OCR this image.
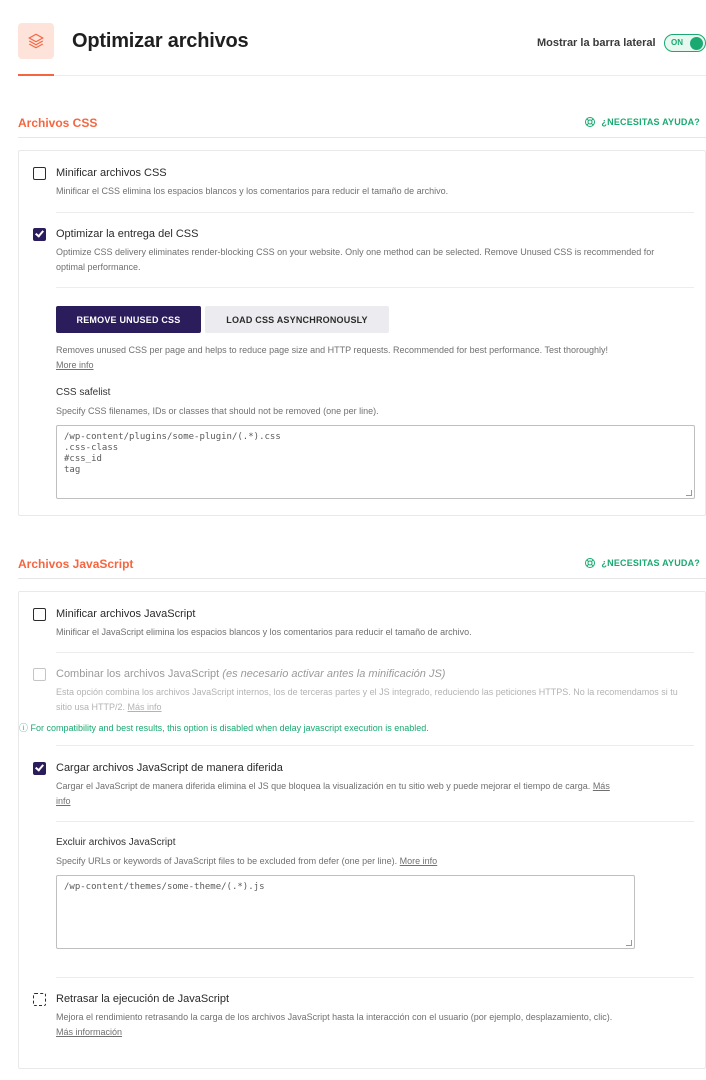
Optimizar archivos	Mostrar la barra lateral ON
Archivos CSS	¿NECESITAS AYUDA?
Minificar archivos CSS
Minificar el CSS elimina los espacios blancos y los comentarios para reducir el tamaño de archivo.
Optimizar la entrega del CSS
Optimize CSS delivery eliminates render-blocking CSS on your website. Only one method can be selected. Remove Unused CSS is recommended for optimal performance.
REMOVE UNUSED CSS	LOAD CSS ASYNCHRONOUSLY
Removes unused CSS per page and helps to reduce page size and HTTP requests. Recommended for best performance. Test thoroughly!
More info
CSS safelist
Specify CSS filenames, IDs or classes that should not be removed (one per line).
/wp-content/plugins/some-plugin/(.*).css
.css-class
#css_id
tag
Archivos JavaScript	¿NECESITAS AYUDA?
Minificar archivos JavaScript
Minificar el JavaScript elimina los espacios blancos y los comentarios para reducir el tamaño de archivo.
Combinar los archivos JavaScript (es necesario activar antes la minificación JS)
Esta opción combina los archivos JavaScript internos, los de terceras partes y el JS integrado, reduciendo las peticiones HTTPS. No la recomendamos si tu sitio usa HTTP/2. Más info
ⓘ For compatibility and best results, this option is disabled when delay javascript execution is enabled.
Cargar archivos JavaScript de manera diferida
Cargar el JavaScript de manera diferida elimina el JS que bloquea la visualización en tu sitio web y puede mejorar el tiempo de carga. Más
info
Excluir archivos JavaScript
Specify URLs or keywords of JavaScript files to be excluded from defer (one per line). More info
/wp-content/themes/some-theme/(.*).js
Retrasar la ejecución de JavaScript
Mejora el rendimiento retrasando la carga de los archivos JavaScript hasta la interacción con el usuario (por ejemplo, desplazamiento, clic).
Más información
